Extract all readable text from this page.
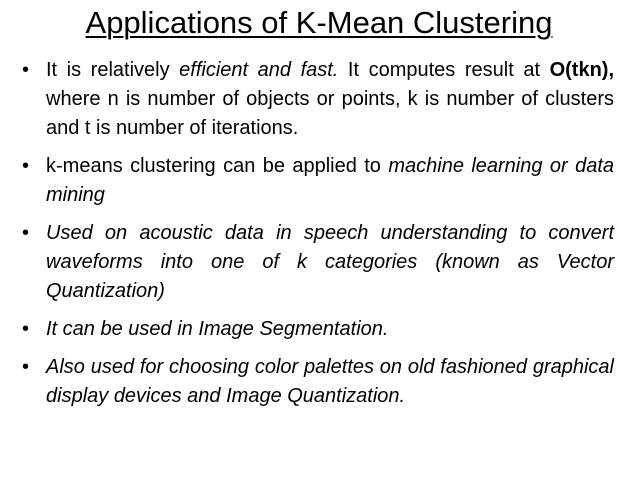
Applications of K-Mean Clustering
• It is relatively efficient and fast. It computes result at O(tkn), where n is number of objects or points, k is number of clusters and t is number of iterations.
• k-means clustering can be applied to machine learning or data mining
• Used on acoustic data in speech understanding to convert waveforms into one of k categories (known as Vector Quantization)
• It can be used in Image Segmentation.
• Also used for choosing color palettes on old fashioned graphical display devices and Image Quantization.
